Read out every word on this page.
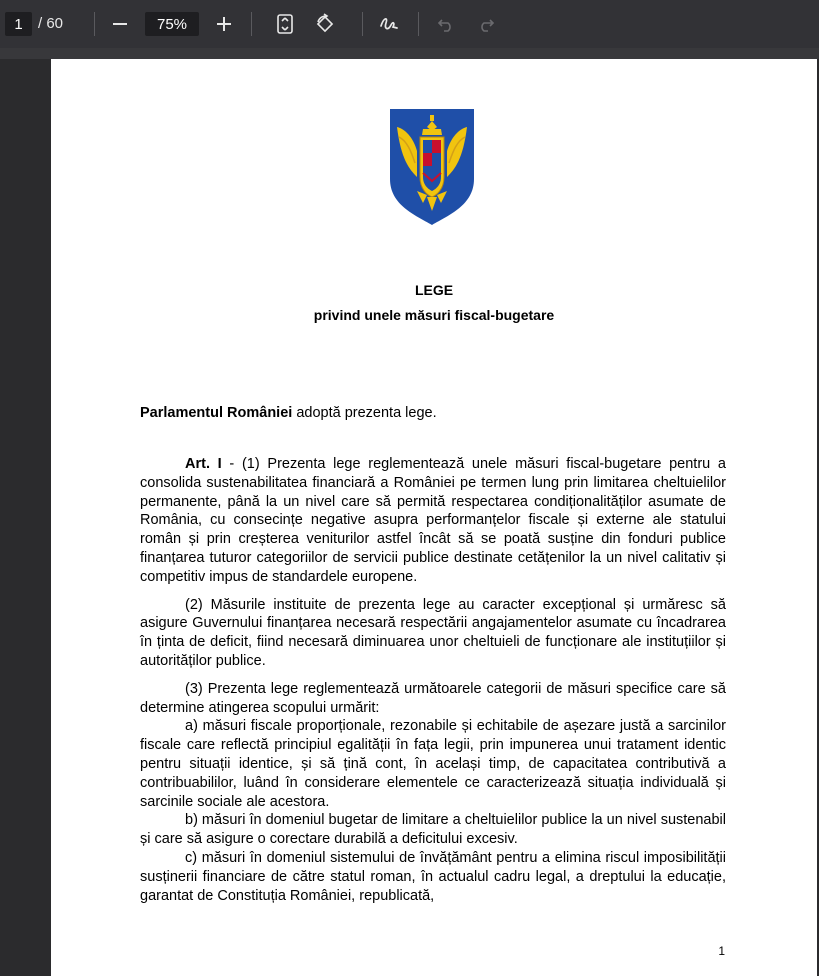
1
/ 60
75%
LEGE
privind unele măsuri fiscal-bugetare

Parlamentul României adoptă prezenta lege.

Art. I - (1) Prezenta lege reglementează unele măsuri fiscal-bugetare pentru a consolida sustenabilitatea financiară a României pe termen lung prin limitarea cheltuielilor permanente, până la un nivel care să permită respectarea condiționalităților asumate de România, cu consecințe negative asupra performanțelor fiscale și externe ale statului român și prin creșterea veniturilor astfel încât să se poată susține din fonduri publice finanțarea tuturor categoriilor de servicii publice destinate cetățenilor la un nivel calitativ și competitiv impus de standardele europene.

(2) Măsurile instituite de prezenta lege au caracter excepțional și urmăresc să asigure Guvernului finanțarea necesară respectării angajamentelor asumate cu încadrarea în ținta de deficit, fiind necesară diminuarea unor cheltuieli de funcționare ale instituțiilor și autorităților publice.

(3) Prezenta lege reglementează următoarele categorii de măsuri specifice care să determine atingerea scopului urmărit:

a) măsuri fiscale proporționale, rezonabile și echitabile de așezare justă a sarcinilor fiscale care reflectă principiul egalității în fața legii, prin impunerea unui tratament identic pentru situații identice, și să țină cont, în același timp, de capacitatea contributivă a contribuabililor, luând în considerare elementele ce caracterizează situația individuală și sarcinile sociale ale acestora.

b) măsuri în domeniul bugetar de limitare a cheltuielilor publice la un nivel sustenabil și care să asigure o corectare durabilă a deficitului excesiv.

c) măsuri în domeniul sistemului de învățământ pentru a elimina riscul imposibilității susținerii financiare de către statul roman, în actualul cadru legal, a dreptului la educație, garantat de Constituția României, republicată,

1
